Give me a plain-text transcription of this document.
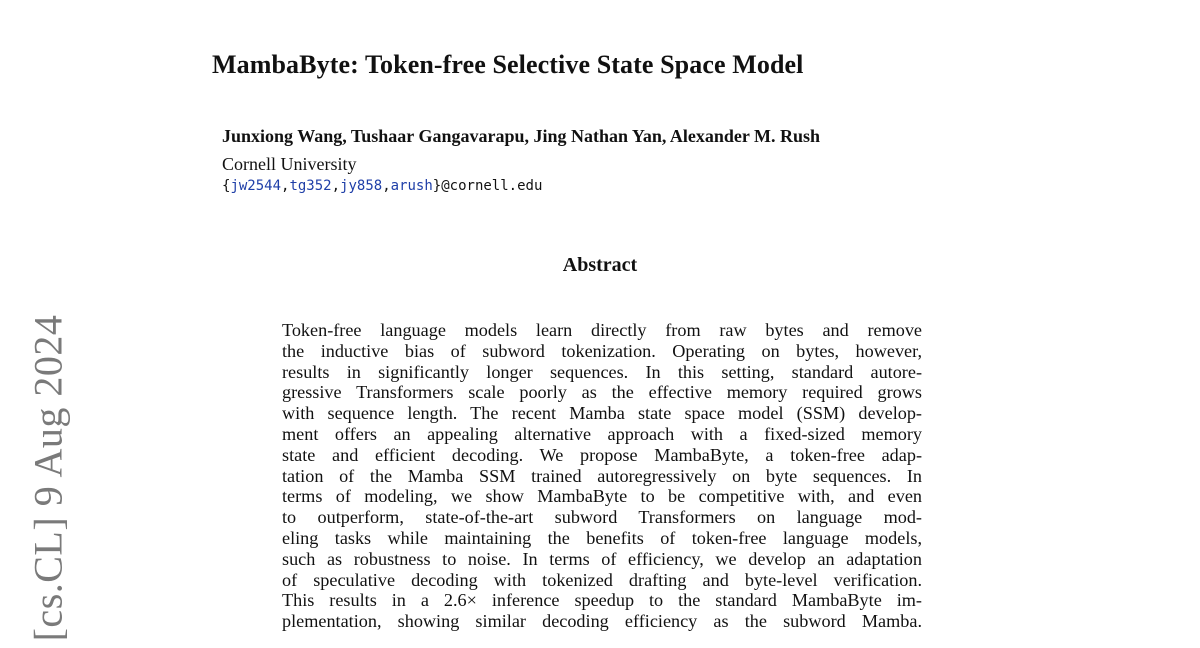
MambaByte: Token-free Selective State Space Model
Junxiong Wang, Tushaar Gangavarapu, Jing Nathan Yan, Alexander M. Rush
Cornell University
{jw2544,tg352,jy858,arush}@cornell.edu
Abstract
Token-free language models learn directly from raw bytes and remove
the inductive bias of subword tokenization. Operating on bytes, however,
results in significantly longer sequences. In this setting, standard autore-
gressive Transformers scale poorly as the effective memory required grows
with sequence length. The recent Mamba state space model (SSM) develop-
ment offers an appealing alternative approach with a fixed-sized memory
state and efficient decoding. We propose MambaByte, a token-free adap-
tation of the Mamba SSM trained autoregressively on byte sequences. In
terms of modeling, we show MambaByte to be competitive with, and even
to outperform, state-of-the-art subword Transformers on language mod-
eling tasks while maintaining the benefits of token-free language models,
such as robustness to noise. In terms of efficiency, we develop an adaptation
of speculative decoding with tokenized drafting and byte-level verification.
This results in a 2.6× inference speedup to the standard MambaByte im-
plementation, showing similar decoding efficiency as the subword Mamba.
[cs.CL] 9 Aug 2024
